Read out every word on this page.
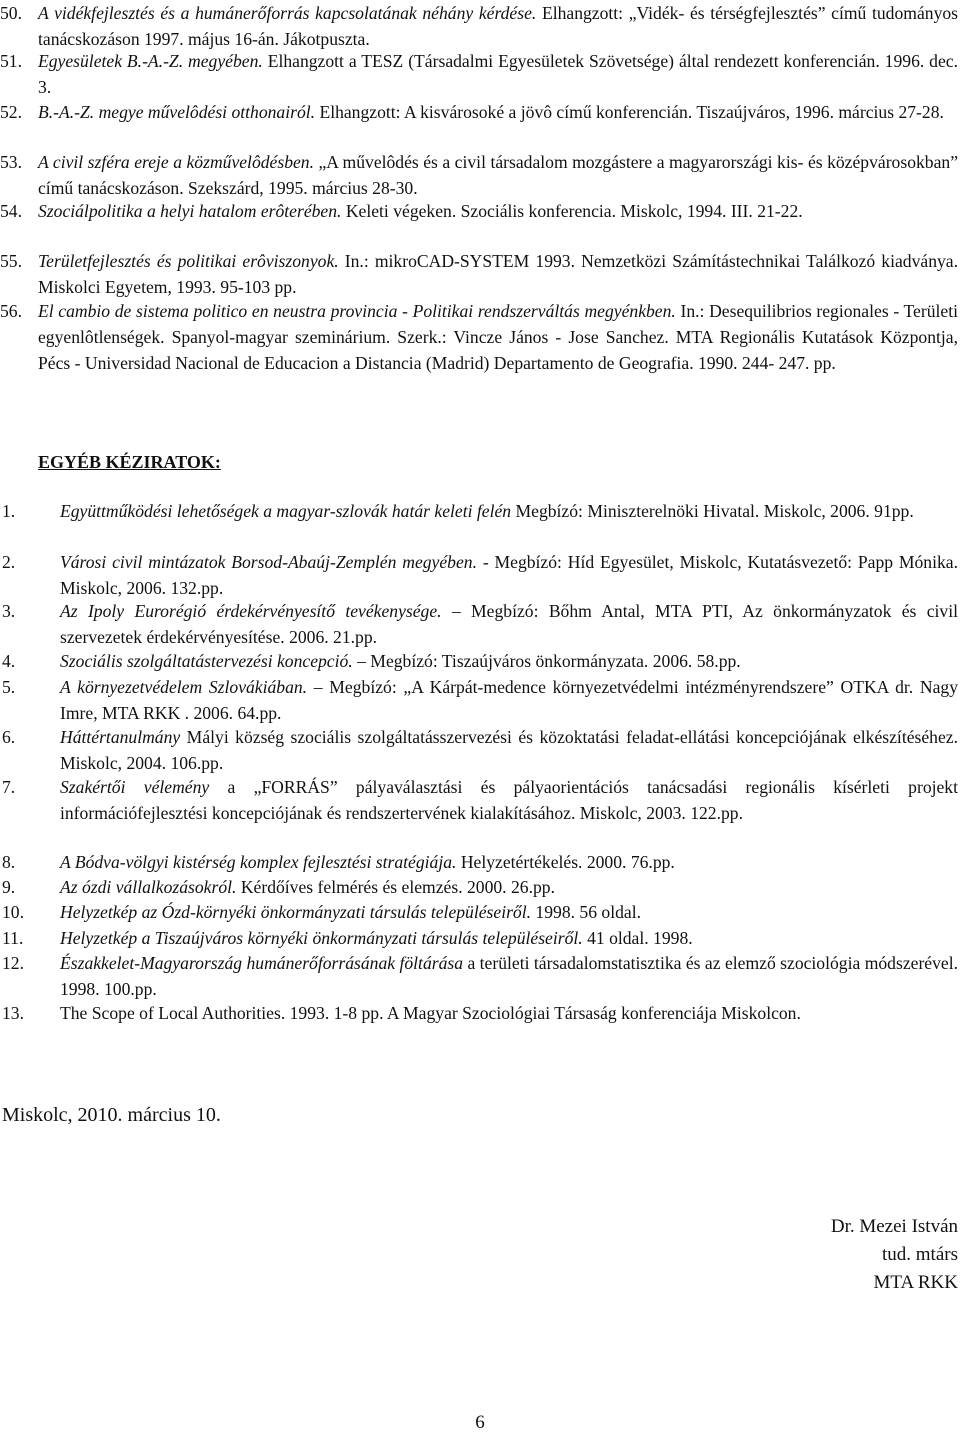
50. A vidékfejlesztés és a humánerőforrás kapcsolatának néhány kérdése. Elhangzott: „Vidék- és térségfejlesztés” című tudományos tanácskozáson 1997. május 16-án. Jákotpuszta.
51. Egyesületek B.-A.-Z. megyében. Elhangzott a TESZ (Társadalmi Egyesületek Szövetsége) által rendezett konferencián. 1996. dec. 3.
52. B.-A.-Z. megye művelôdési otthonairól. Elhangzott: A kisvárosoké a jövô című konferencián. Tiszaújváros, 1996. március 27-28.
53. A civil szféra ereje a közművelôdésben. „A művelôdés és a civil társadalom mozgástere a magyarországi kis- és középvárosokban” című tanácskozáson. Szekszárd, 1995. március 28-30.
54. Szociálpolitika a helyi hatalom erôterében. Keleti végeken. Szociális konferencia. Miskolc, 1994. III. 21-22.
55. Területfejlesztés és politikai erôviszonyok. In.: mikroCAD-SYSTEM 1993. Nemzetközi Számítástechnikai Találkozó kiadványa. Miskolci Egyetem, 1993. 95-103 pp.
56. El cambio de sistema politico en neustra provincia - Politikai rendszerváltás megyénkben. In.: Desequilibrios regionales - Területi egyenlôtlenségek. Spanyol-magyar szeminárium. Szerk.: Vincze János - Jose Sanchez. MTA Regionális Kutatások Központja, Pécs - Universidad Nacional de Educacion a Distancia (Madrid) Departamento de Geografia. 1990. 244- 247. pp.
EGYÉB KÉZIRATOK:
1.	Együttműködési lehetőségek a magyar-szlovák határ keleti felén Megbízó: Miniszterelnöki Hivatal. Miskolc, 2006. 91pp.
2.	Városi civil mintázatok Borsod-Abaúj-Zemplén megyében. - Megbízó: Híd Egyesület, Miskolc, Kutatásvezető: Papp Mónika. Miskolc, 2006. 132.pp.
3.	Az Ipoly Eurorégió érdekérvényesítő tevékenysége. – Megbízó: Bőhm Antal, MTA PTI, Az önkormányzatok és civil szervezetek érdekérvényesítése. 2006. 21.pp.
4.	Szociális szolgáltatástervezési koncepció. – Megbízó: Tiszaújváros önkormányzata. 2006. 58.pp.
5.	A környezetvédelem Szlovákiában. – Megbízó: „A Kárpát-medence környezetvédelmi intézményrendszere” OTKA dr. Nagy Imre, MTA RKK . 2006. 64.pp.
6.	Háttértanulmány Mályi község szociális szolgáltatásszervezési és közoktatási feladat-ellátási koncepciójának elkészítéséhez. Miskolc, 2004. 106.pp.
7.	Szakértői vélemény a „FORRÁS” pályaválasztási és pályaorientációs tanácsadási regionális kísérleti projekt információfejlesztési koncepciójának és rendszertervének kialakításához. Miskolc, 2003. 122.pp.
8.	A Bódva-völgyi kistérség komplex fejlesztési stratégiája. Helyzetértékelés. 2000. 76.pp.
9.	Az ózdi vállalkozásokról. Kérdőíves felmérés és elemzés. 2000. 26.pp.
10. Helyzetkép az Ózd-környéki önkormányzati társulás településeiről. 1998. 56 oldal.
11. Helyzetkép a Tiszaújváros környéki önkormányzati társulás településeiről. 41 oldal. 1998.
12. Északkelet-Magyarország humánerőforrásának föltárása a területi társadalomstatisztika és az elemző szociológia módszerével. 1998. 100.pp.
13. The Scope of Local Authorities. 1993. 1-8 pp. A Magyar Szociológiai Társaság konferenciája Miskolcon.
Miskolc, 2010. március 10.
Dr. Mezei István
tud. mtárs
MTA RKK
6
